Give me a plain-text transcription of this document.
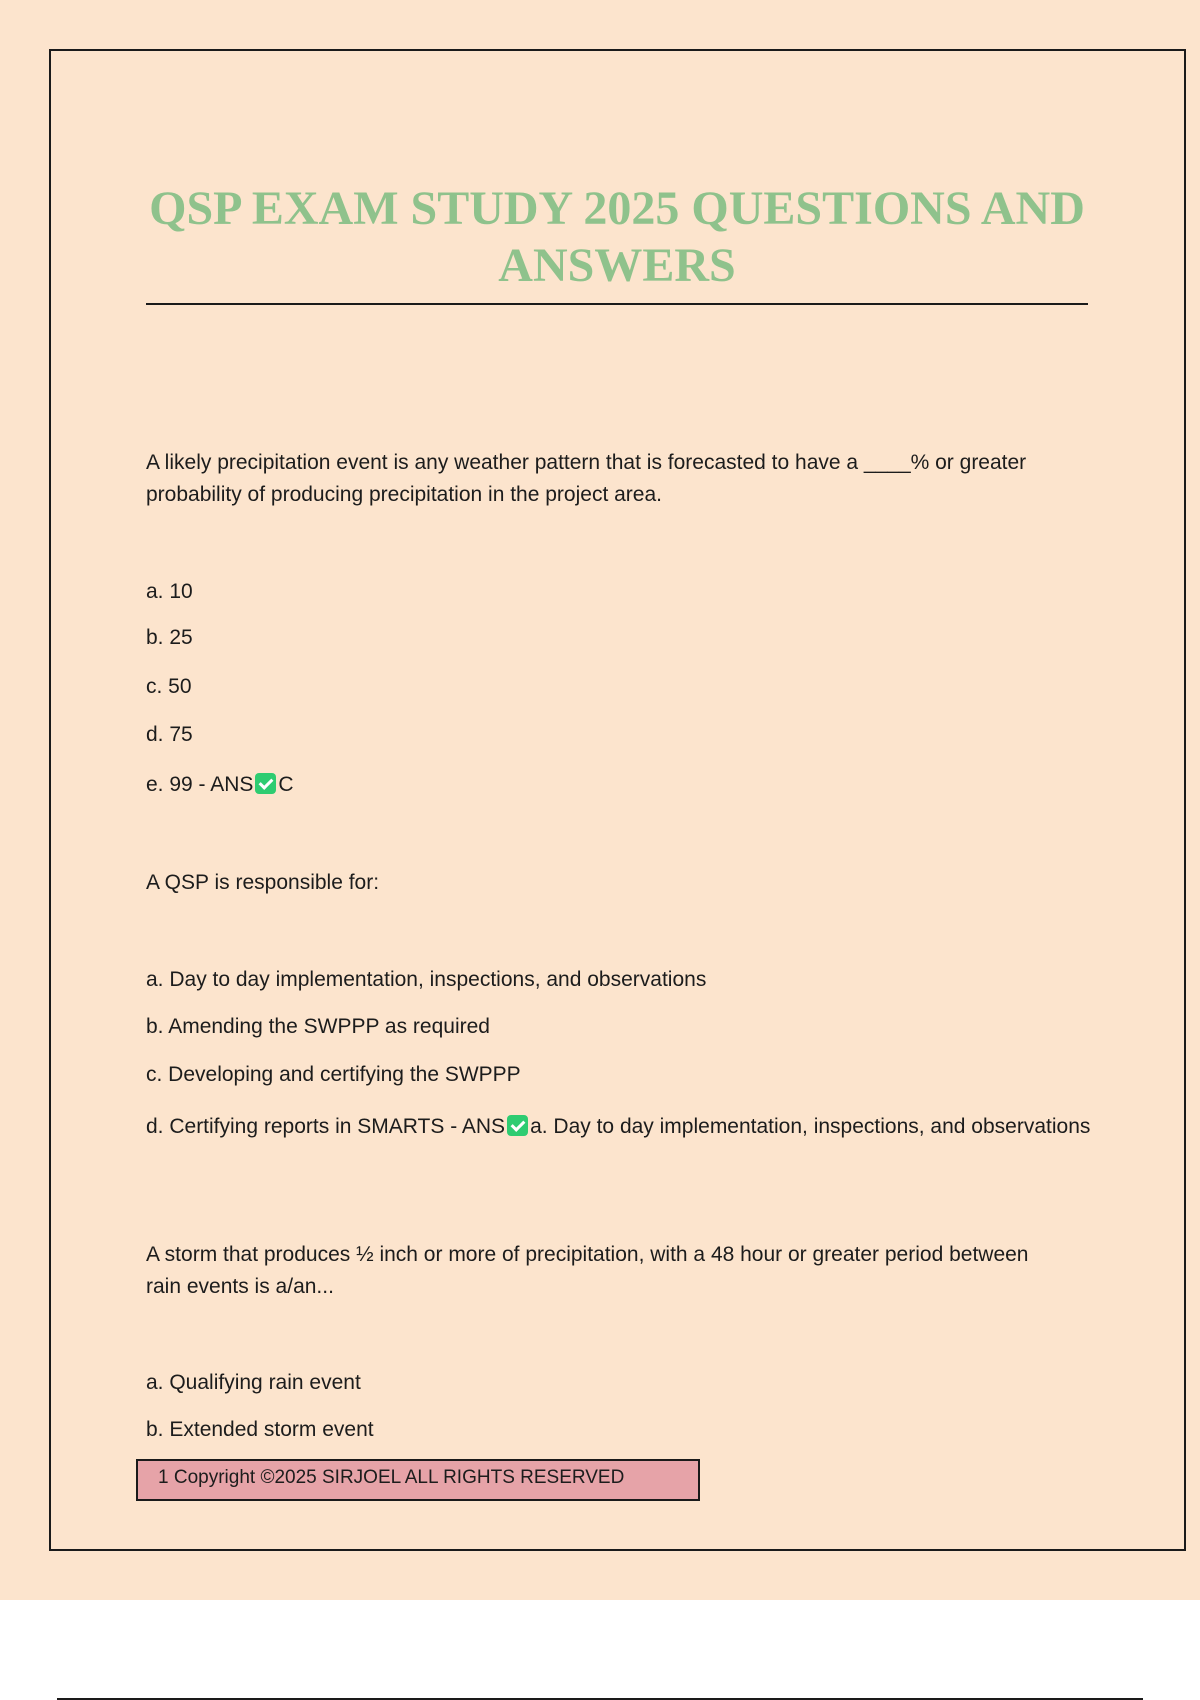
QSP EXAM STUDY 2025 QUESTIONS AND ANSWERS
A likely precipitation event is any weather pattern that is forecasted to have a ____% or greater probability of producing precipitation in the project area.
a. 10
b. 25
c. 50
d. 75
e. 99 - ANS C
A QSP is responsible for:
a. Day to day implementation, inspections, and observations
b. Amending the SWPPP as required
c. Developing and certifying the SWPPP
d. Certifying reports in SMARTS - ANS a. Day to day implementation, inspections, and observations
A storm that produces ½ inch or more of precipitation, with a 48 hour or greater period between rain events is a/an...
a. Qualifying rain event
b. Extended storm event
1 Copyright ©2025 SIRJOEL ALL RIGHTS RESERVED
